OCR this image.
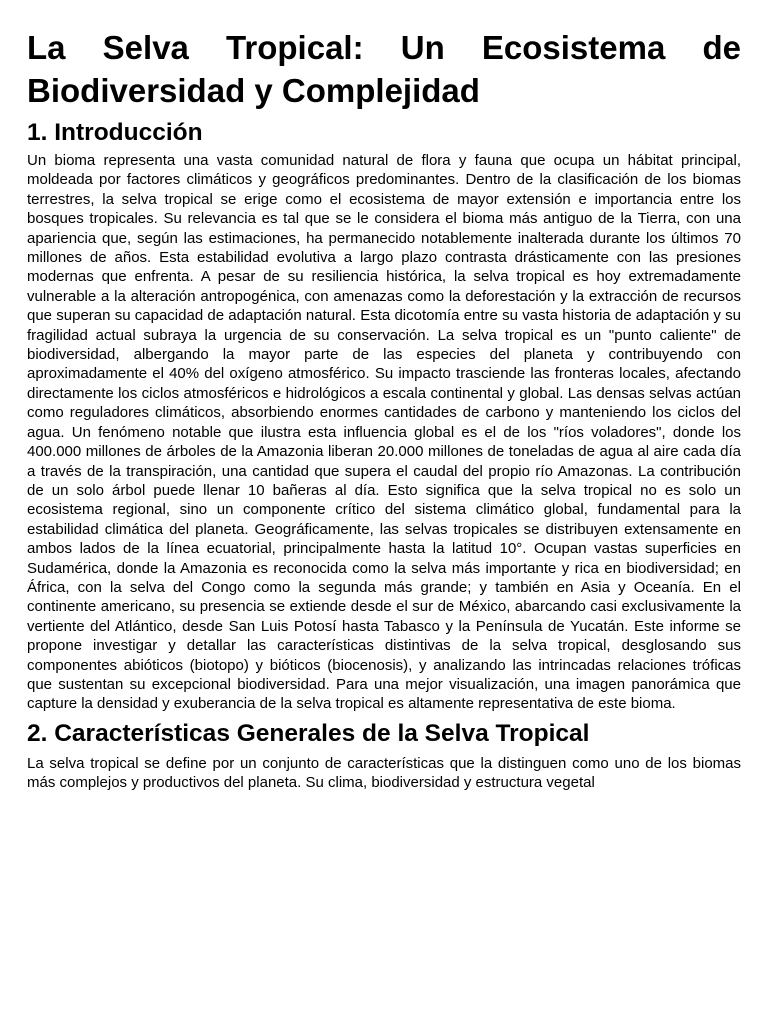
La Selva Tropical: Un Ecosistema de Biodiversidad y Complejidad
1. Introducción

Un bioma representa una vasta comunidad natural de flora y fauna que ocupa un hábitat principal, moldeada por factores climáticos y geográficos predominantes. Dentro de la clasificación de los biomas terrestres, la selva tropical se erige como el ecosistema de mayor extensión e importancia entre los bosques tropicales. Su relevancia es tal que se le considera el bioma más antiguo de la Tierra, con una apariencia que, según las estimaciones, ha permanecido notablemente inalterada durante los últimos 70 millones de años. Esta estabilidad evolutiva a largo plazo contrasta drásticamente con las presiones modernas que enfrenta. A pesar de su resiliencia histórica, la selva tropical es hoy extremadamente vulnerable a la alteración antropogénica, con amenazas como la deforestación y la extracción de recursos que superan su capacidad de adaptación natural. Esta dicotomía entre su vasta historia de adaptación y su fragilidad actual subraya la urgencia de su conservación. La selva tropical es un "punto caliente" de biodiversidad, albergando la mayor parte de las especies del planeta y contribuyendo con aproximadamente el 40% del oxígeno atmosférico. Su impacto trasciende las fronteras locales, afectando directamente los ciclos atmosféricos e hidrológicos a escala continental y global. Las densas selvas actúan como reguladores climáticos, absorbiendo enormes cantidades de carbono y manteniendo los ciclos del agua. Un fenómeno notable que ilustra esta influencia global es el de los "ríos voladores", donde los 400.000 millones de árboles de la Amazonia liberan 20.000 millones de toneladas de agua al aire cada día a través de la transpiración, una cantidad que supera el caudal del propio río Amazonas. La contribución de un solo árbol puede llenar 10 bañeras al día. Esto significa que la selva tropical no es solo un ecosistema regional, sino un componente crítico del sistema climático global, fundamental para la estabilidad climática del planeta. Geográficamente, las selvas tropicales se distribuyen extensamente en ambos lados de la línea ecuatorial, principalmente hasta la latitud 10°. Ocupan vastas superficies en Sudamérica, donde la Amazonia es reconocida como la selva más importante y rica en biodiversidad; en África, con la selva del Congo como la segunda más grande; y también en Asia y Oceanía. En el continente americano, su presencia se extiende desde el sur de México, abarcando casi exclusivamente la vertiente del Atlántico, desde San Luis Potosí hasta Tabasco y la Península de Yucatán. Este informe se propone investigar y detallar las características distintivas de la selva tropical, desglosando sus componentes abióticos (biotopo) y bióticos (biocenosis), y analizando las intrincadas relaciones tróficas que sustentan su excepcional biodiversidad. Para una mejor visualización, una imagen panorámica que capture la densidad y exuberancia de la selva tropical es altamente representativa de este bioma.

2. Características Generales de la Selva Tropical

La selva tropical se define por un conjunto de características que la distinguen como uno de los biomas más complejos y productivos del planeta. Su clima, biodiversidad y estructura vegetal
